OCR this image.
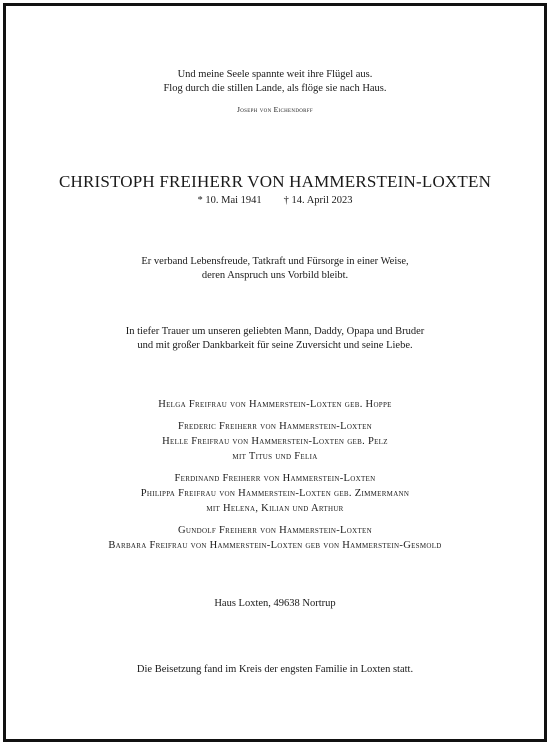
Und meine Seele spannte weit ihre Flügel aus.
Flog durch die stillen Lande, als flöge sie nach Haus.
Joseph von Eichendorff
CHRISTOPH FREIHERR VON HAMMERSTEIN-LOXTEN
* 10. Mai 1941 † 14. April 2023
Er verband Lebensfreude, Tatkraft und Fürsorge in einer Weise,
deren Anspruch uns Vorbild bleibt.
In tiefer Trauer um unseren geliebten Mann, Daddy, Opapa und Bruder
und mit großer Dankbarkeit für seine Zuversicht und seine Liebe.
Helga Freifrau von Hammerstein-Loxten geb. Hoppe
Frederic Freiherr von Hammerstein-Loxten
Helle Freifrau von Hammerstein-Loxten geb. Pelz
mit Titus und Felia
Ferdinand Freiherr von Hammerstein-Loxten
Philippa Freifrau von Hammerstein-Loxten geb. Zimmermann
mit Helena, Kilian und Arthur
Gundolf Freiherr von Hammerstein-Loxten
Barbara Freifrau von Hammerstein-Loxten geb von Hammerstein-Gesmold
Haus Loxten, 49638 Nortrup
Die Beisetzung fand im Kreis der engsten Familie in Loxten statt.
